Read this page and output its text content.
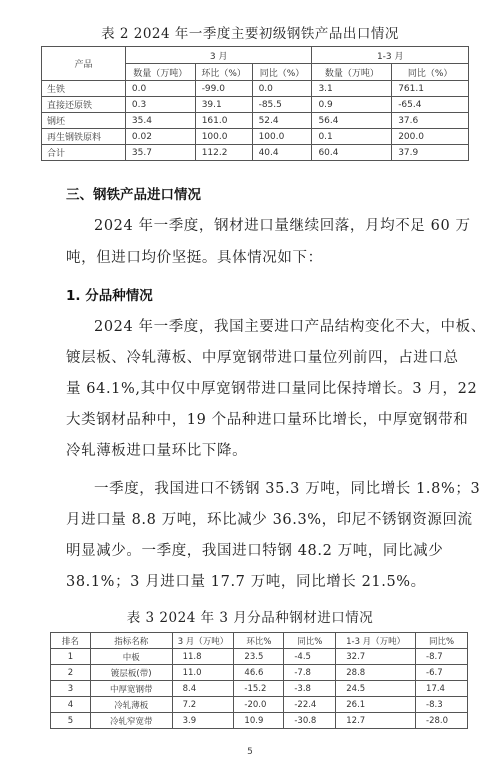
表 2 2024 年一季度主要初级钢铁产品出口情况
产品	3 月			1-3 月	
	数量（万吨）	环比（%）	同比（%）	数量（万吨）	同比（%）
生铁	0.0	-99.0	0.0	3.1	761.1
直接还原铁	0.3	39.1	-85.5	0.9	-65.4
钢坯	35.4	161.0	52.4	56.4	37.6
再生钢铁原料	0.02	100.0	100.0	0.1	200.0
合计	35.7	112.2	40.4	60.4	37.9
三、钢铁产品进口情况
2024 年一季度，钢材进口量继续回落，月均不足 60 万
吨，但进口均价坚挺。具体情况如下：
1. 分品种情况
2024 年一季度，我国主要进口产品结构变化不大，中板、
镀层板、冷轧薄板、中厚宽钢带进口量位列前四，占进口总
量 64.1%,其中仅中厚宽钢带进口量同比保持增长。3 月，22
大类钢材品种中，19 个品种进口量环比增长，中厚宽钢带和
冷轧薄板进口量环比下降。
一季度，我国进口不锈钢 35.3 万吨，同比增长 1.8%；3
月进口量 8.8 万吨，环比减少 36.3%，印尼不锈钢资源回流
明显减少。一季度，我国进口特钢 48.2 万吨，同比减少
38.1%；3 月进口量 17.7 万吨，同比增长 21.5%。
表 3 2024 年 3 月分品种钢材进口情况
排名	指标名称	3 月（万吨）	环比%	同比%	1-3 月（万吨）	同比%
1	中板	11.8	23.5	-4.5	32.7	-8.7
2	镀层板(带)	11.0	46.6	-7.8	28.8	-6.7
3	中厚宽钢带	8.4	-15.2	-3.8	24.5	17.4
4	冷轧薄板	7.2	-20.0	-22.4	26.1	-8.3
5	冷轧窄宽带	3.9	10.9	-30.8	12.7	-28.0
5
